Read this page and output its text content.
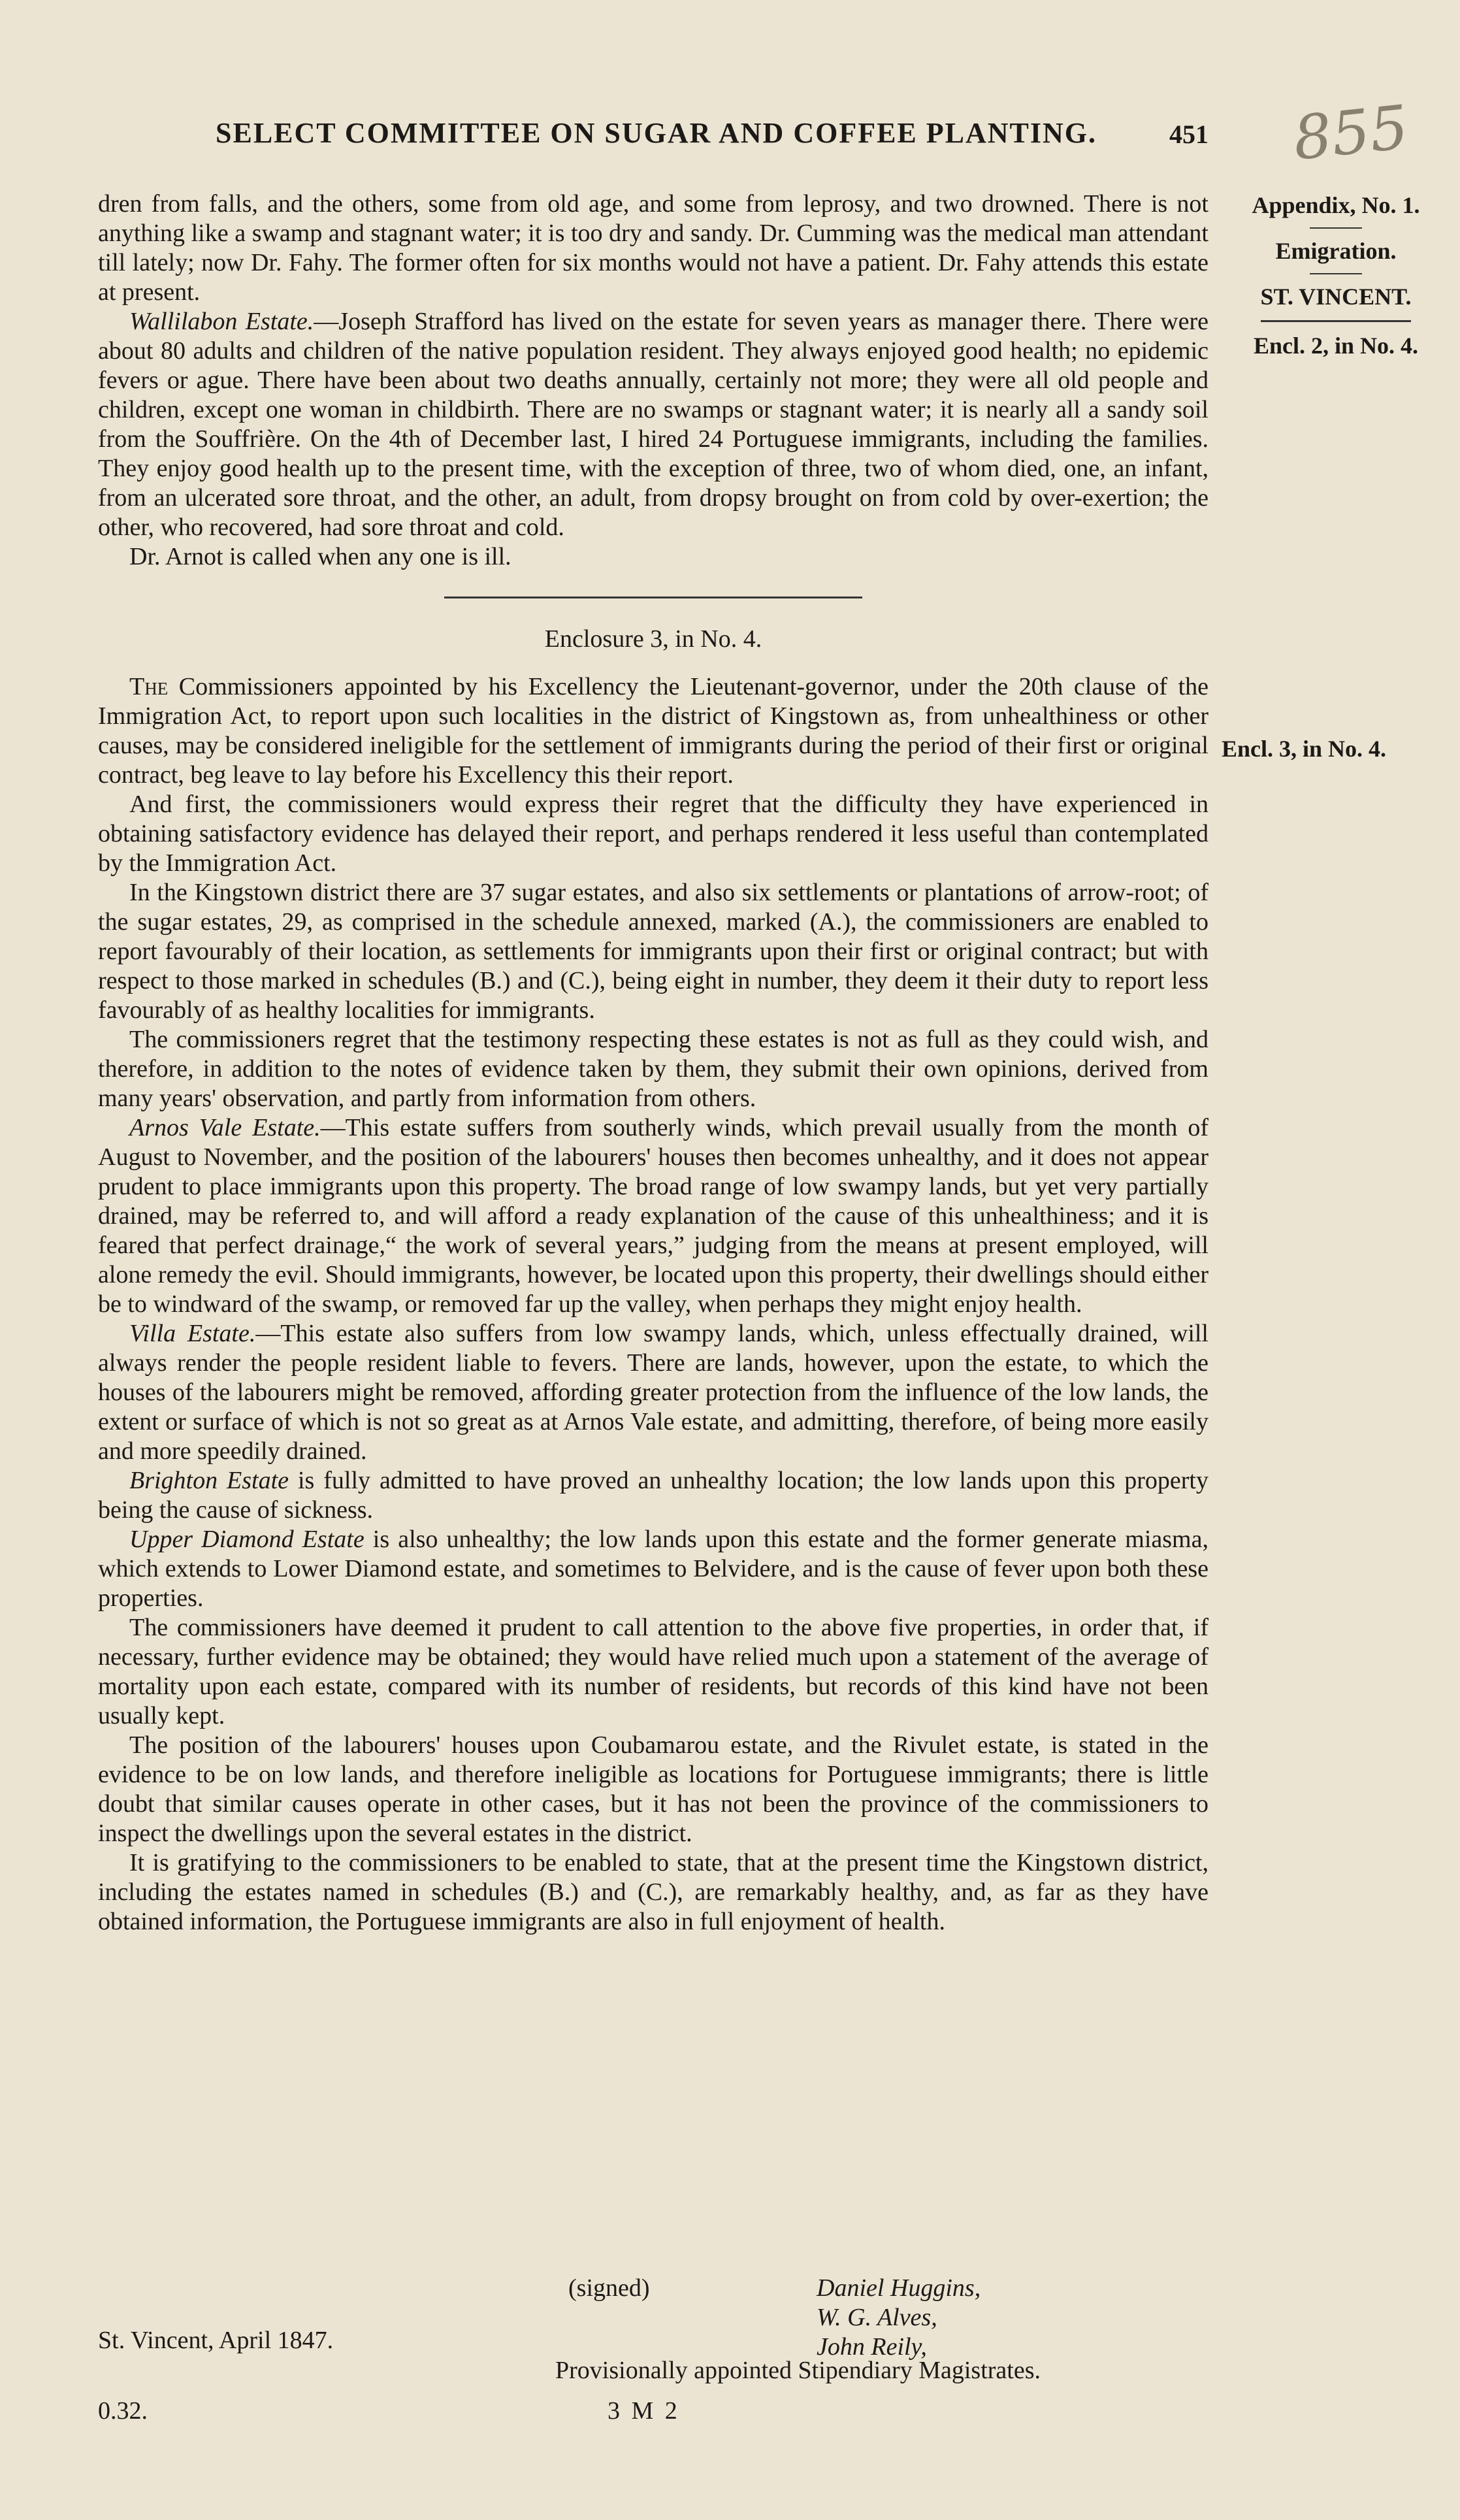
SELECT COMMITTEE ON SUGAR AND COFFEE PLANTING.	451 855
Appendix, No. 1.
Emigration.
ST. VINCENT.
Encl. 2, in No. 4.
Encl. 3, in No. 4.

dren from falls, and the others, some from old age, and some from leprosy, and two drowned. There is not anything like a swamp and stagnant water; it is too dry and sandy. Dr. Cumming was the medical man attendant till lately; now Dr. Fahy. The former often for six months would not have a patient. Dr. Fahy attends this estate at present.

Wallilabon Estate.—Joseph Strafford has lived on the estate for seven years as manager there. There were about 80 adults and children of the native population resident. They always enjoyed good health; no epidemic fevers or ague. There have been about two deaths annually, certainly not more; they were all old people and children, except one woman in childbirth. There are no swamps or stagnant water; it is nearly all a sandy soil from the Souffrière. On the 4th of December last, I hired 24 Portuguese immigrants, including the families. They enjoy good health up to the present time, with the exception of three, two of whom died, one, an infant, from an ulcerated sore throat, and the other, an adult, from dropsy brought on from cold by over-exertion; the other, who recovered, had sore throat and cold.

Dr. Arnot is called when any one is ill.

Enclosure 3, in No. 4.

The Commissioners appointed by his Excellency the Lieutenant-governor, under the 20th clause of the Immigration Act, to report upon such localities in the district of Kingstown as, from unhealthiness or other causes, may be considered ineligible for the settlement of immigrants during the period of their first or original contract, beg leave to lay before his Excellency this their report.

And first, the commissioners would express their regret that the difficulty they have experienced in obtaining satisfactory evidence has delayed their report, and perhaps rendered it less useful than contemplated by the Immigration Act.

In the Kingstown district there are 37 sugar estates, and also six settlements or plantations of arrow-root; of the sugar estates, 29, as comprised in the schedule annexed, marked (A.), the commissioners are enabled to report favourably of their location, as settlements for immigrants upon their first or original contract; but with respect to those marked in schedules (B.) and (C.), being eight in number, they deem it their duty to report less favourably of as healthy localities for immigrants.

The commissioners regret that the testimony respecting these estates is not as full as they could wish, and therefore, in addition to the notes of evidence taken by them, they submit their own opinions, derived from many years' observation, and partly from information from others.

Arnos Vale Estate.—This estate suffers from southerly winds, which prevail usually from the month of August to November, and the position of the labourers' houses then becomes unhealthy, and it does not appear prudent to place immigrants upon this property. The broad range of low swampy lands, but yet very partially drained, may be referred to, and will afford a ready explanation of the cause of this unhealthiness; and it is feared that perfect drainage,“ the work of several years,” judging from the means at present employed, will alone remedy the evil. Should immigrants, however, be located upon this property, their dwellings should either be to windward of the swamp, or removed far up the valley, when perhaps they might enjoy health.

Villa Estate.—This estate also suffers from low swampy lands, which, unless effectually drained, will always render the people resident liable to fevers. There are lands, however, upon the estate, to which the houses of the labourers might be removed, affording greater protection from the influence of the low lands, the extent or surface of which is not so great as at Arnos Vale estate, and admitting, therefore, of being more easily and more speedily drained.

Brighton Estate is fully admitted to have proved an unhealthy location; the low lands upon this property being the cause of sickness.

Upper Diamond Estate is also unhealthy; the low lands upon this estate and the former generate miasma, which extends to Lower Diamond estate, and sometimes to Belvidere, and is the cause of fever upon both these properties.

The commissioners have deemed it prudent to call attention to the above five properties, in order that, if necessary, further evidence may be obtained; they would have relied much upon a statement of the average of mortality upon each estate, compared with its number of residents, but records of this kind have not been usually kept.

The position of the labourers' houses upon Coubamarou estate, and the Rivulet estate, is stated in the evidence to be on low lands, and therefore ineligible as locations for Portuguese immigrants; there is little doubt that similar causes operate in other cases, but it has not been the province of the commissioners to inspect the dwellings upon the several estates in the district.

It is gratifying to the commissioners to be enabled to state, that at the present time the Kingstown district, including the estates named in schedules (B.) and (C.), are remarkably healthy, and, as far as they have obtained information, the Portuguese immigrants are also in full enjoyment of health.

(signed)	Daniel Huggins,
W. G. Alves,
John Reily,
St. Vincent, April 1847.
Provisionally appointed Stipendiary Magistrates.
0.32.	3 M 2
